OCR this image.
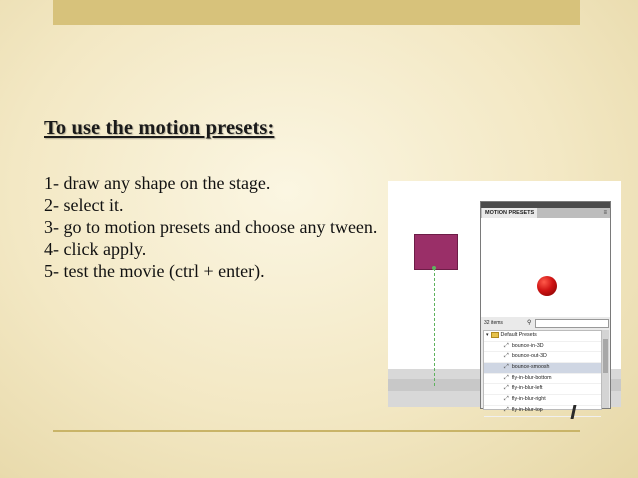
To use the motion presets:
1- draw any shape on the stage.
2- select it.
3- go to motion presets and choose any tween.
4- click apply.
5- test the movie (ctrl + enter).
MOTION PRESETS	≡
32 items	⚲
▾ Default Presets
⤢ bounce-in-3D
⤢ bounce-out-3D
⤢ bounce-smoosh
⤢ fly-in-blur-bottom
⤢ fly-in-blur-left
⤢ fly-in-blur-right
⤢ fly-in-blur-top
